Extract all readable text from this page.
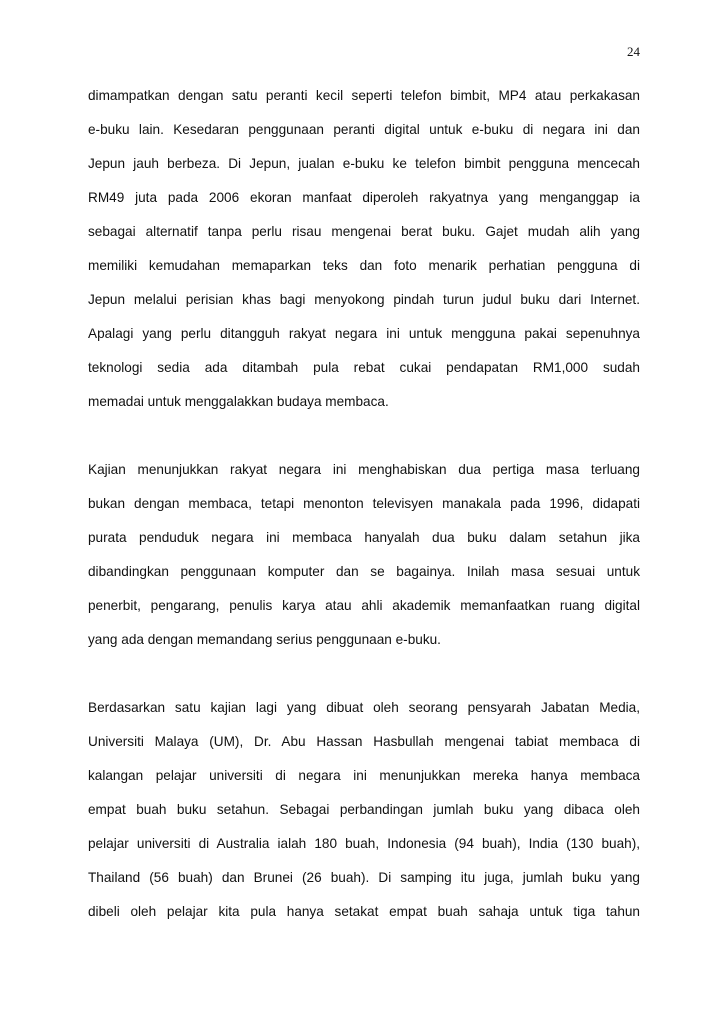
24
dimampatkan dengan satu peranti kecil seperti telefon bimbit, MP4 atau perkakasan
e-buku lain. Kesedaran penggunaan peranti digital untuk e-buku di negara ini dan
Jepun jauh berbeza. Di Jepun, jualan e-buku ke telefon bimbit pengguna mencecah
RM49 juta pada 2006 ekoran manfaat diperoleh rakyatnya yang menganggap ia
sebagai alternatif tanpa perlu risau mengenai berat buku. Gajet mudah alih yang
memiliki kemudahan memaparkan teks dan foto menarik perhatian pengguna di
Jepun melalui perisian khas bagi menyokong pindah turun judul buku dari Internet.
Apalagi yang perlu ditangguh rakyat negara ini untuk mengguna pakai sepenuhnya
teknologi sedia ada ditambah pula rebat cukai pendapatan RM1,000 sudah
memadai untuk menggalakkan budaya membaca.
Kajian menunjukkan rakyat negara ini menghabiskan dua pertiga masa terluang
bukan dengan membaca, tetapi menonton televisyen manakala pada 1996, didapati
purata penduduk negara ini membaca hanyalah dua buku dalam setahun jika
dibandingkan penggunaan komputer dan se bagainya. Inilah masa sesuai untuk
penerbit, pengarang, penulis karya atau ahli akademik memanfaatkan ruang digital
yang ada dengan memandang serius penggunaan e-buku.
Berdasarkan satu kajian lagi yang dibuat oleh seorang pensyarah Jabatan Media,
Universiti Malaya (UM), Dr. Abu Hassan Hasbullah mengenai tabiat membaca di
kalangan pelajar universiti di negara ini menunjukkan mereka hanya membaca
empat buah buku setahun. Sebagai perbandingan jumlah buku yang dibaca oleh
pelajar universiti di Australia ialah 180 buah, Indonesia (94 buah), India (130 buah),
Thailand (56 buah) dan Brunei (26 buah). Di samping itu juga, jumlah buku yang
dibeli oleh pelajar kita pula hanya setakat empat buah sahaja untuk tiga tahun
